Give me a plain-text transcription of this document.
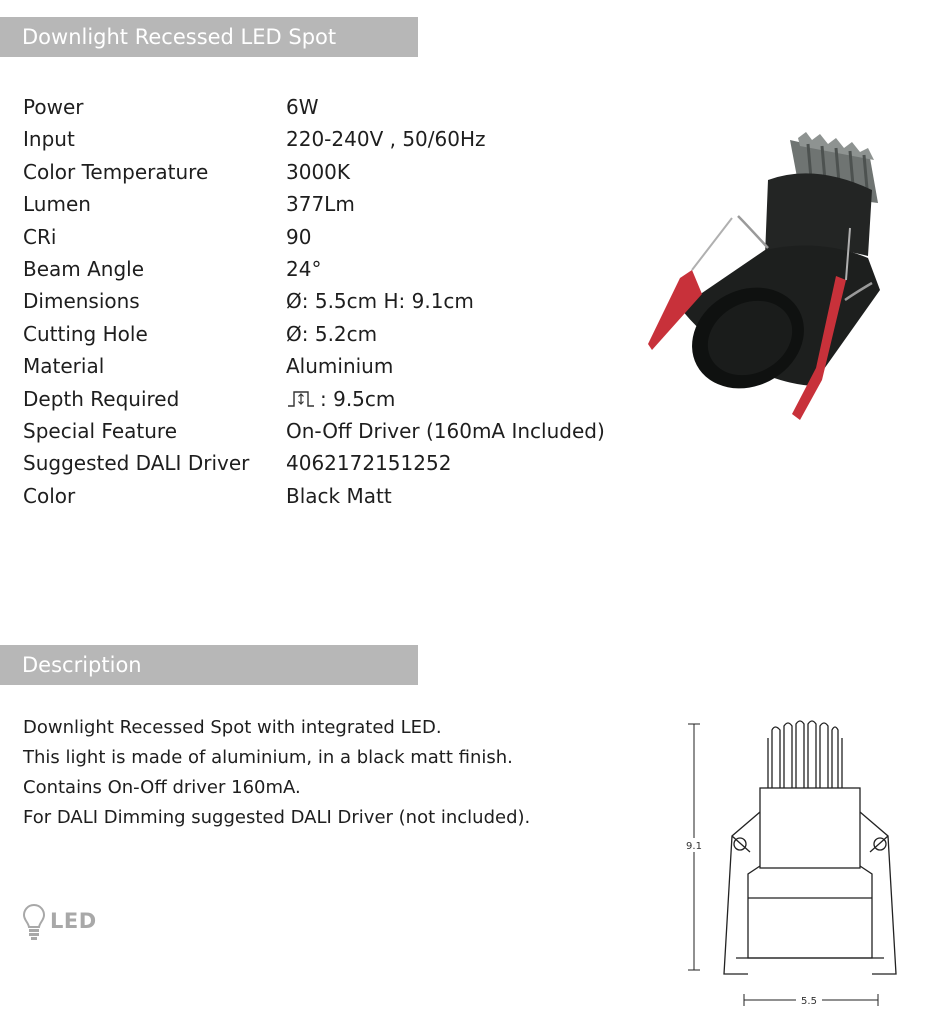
Downlight Recessed LED Spot
Power	6W
Input	220-240V , 50/60Hz
Color Temperature	3000K
Lumen	377Lm
CRi	90
Beam Angle	24°
Dimensions	Ø: 5.5cm H: 9.1cm
Cutting Hole	Ø: 5.2cm
Material	Aluminium
Depth Required	: 9.5cm
Special Feature	On-Off Driver (160mA Included)
Suggested DALI Driver 4062172151252
Color	Black Matt
Description
Downlight Recessed Spot with integrated LED.
This light is made of aluminium, in a black matt finish.
Contains On-Off driver 160mA.
For DALI Dimming suggested DALI Driver (not included).
LED
9.1
5.5
